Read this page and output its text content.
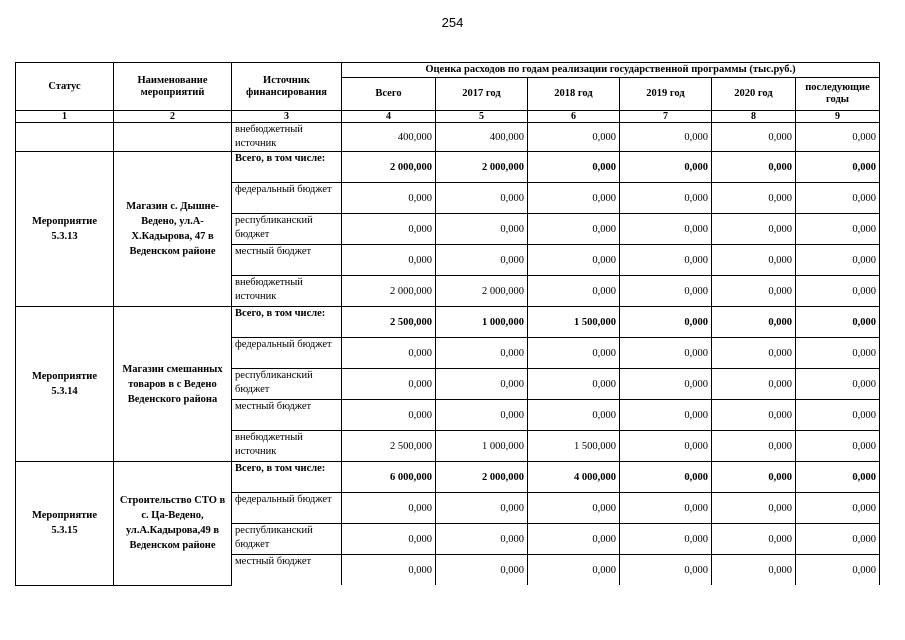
254
Статус	Наименование мероприятий	Источник финансирования	Оценка расходов по годам реализации государственной программы (тыс.руб.)					
			Всего	2017 год	2018 год	2019 год	2020 год	последующие годы
1	2	3	4	5	6	7	8	9
		внебюджетный источник	400,000	400,000	0,000	0,000	0,000	0,000
Мероприятие 5.3.13	Магазин с. Дышне-Ведено, ул.А-Х.Кадырова, 47 в Веденском районе	Всего, в том числе:	2 000,000	2 000,000	0,000	0,000	0,000	0,000
		федеральный бюджет	0,000	0,000	0,000	0,000	0,000	0,000
		республиканский бюджет	0,000	0,000	0,000	0,000	0,000	0,000
		местный бюджет	0,000	0,000	0,000	0,000	0,000	0,000
		внебюджетный источник	2 000,000	2 000,000	0,000	0,000	0,000	0,000
Мероприятие 5.3.14	Магазин смешанных товаров в с Ведено Веденского района	Всего, в том числе:	2 500,000	1 000,000	1 500,000	0,000	0,000	0,000
		федеральный бюджет	0,000	0,000	0,000	0,000	0,000	0,000
		республиканский бюджет	0,000	0,000	0,000	0,000	0,000	0,000
		местный бюджет	0,000	0,000	0,000	0,000	0,000	0,000
		внебюджетный источник	2 500,000	1 000,000	1 500,000	0,000	0,000	0,000
Мероприятие 5.3.15	Строительство СТО в с. Ца-Ведено, ул.А.Кадырова,49 в Веденском районе	Всего, в том числе:	6 000,000	2 000,000	4 000,000	0,000	0,000	0,000
		федеральный бюджет	0,000	0,000	0,000	0,000	0,000	0,000
		республиканский бюджет	0,000	0,000	0,000	0,000	0,000	0,000
		местный бюджет	0,000	0,000	0,000	0,000	0,000	0,000
